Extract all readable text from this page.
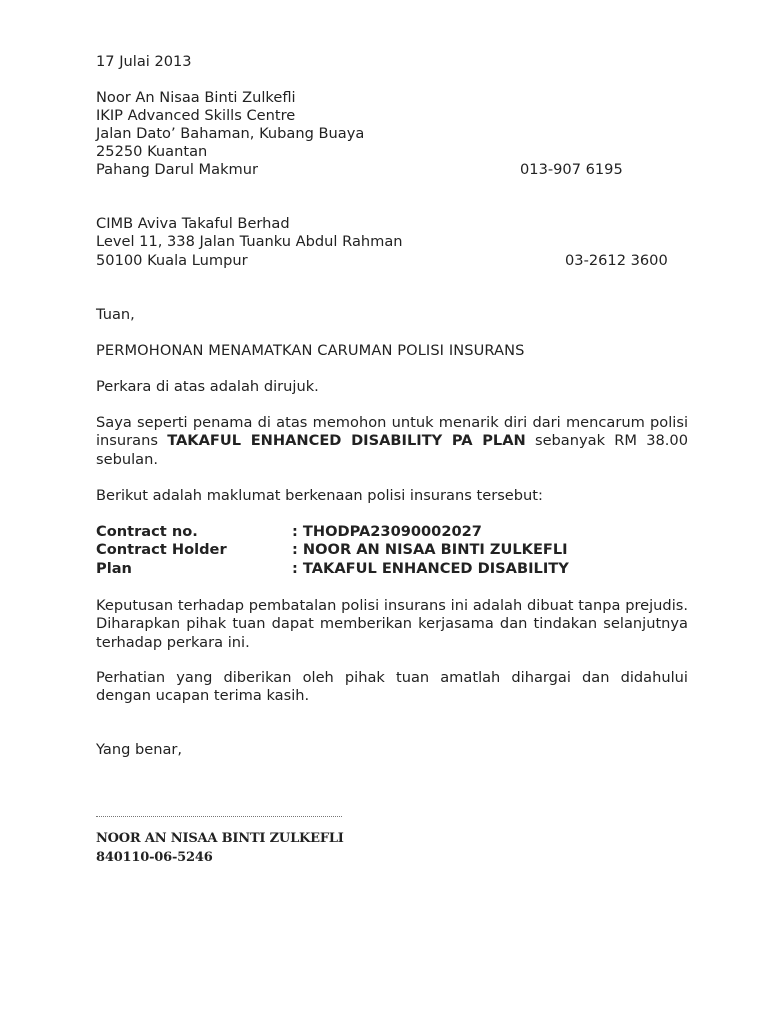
17 Julai 2013
Noor An Nisaa Binti Zulkefli
IKIP Advanced Skills Centre
Jalan Dato’ Bahaman, Kubang Buaya
25250 Kuantan
Pahang Darul Makmur	013-907 6195
CIMB Aviva Takaful Berhad
Level 11, 338 Jalan Tuanku Abdul Rahman
50100 Kuala Lumpur	03-2612 3600
Tuan,
PERMOHONAN MENAMATKAN CARUMAN POLISI INSURANS
Perkara di atas adalah dirujuk.
Saya seperti penama di atas memohon untuk menarik diri dari mencarum polisi insurans TAKAFUL ENHANCED DISABILITY PA PLAN sebanyak RM 38.00 sebulan.
Berikut adalah maklumat berkenaan polisi insurans tersebut:
Contract no.	: THODPA23090002027
Contract Holder	: NOOR AN NISAA BINTI ZULKEFLI
Plan	: TAKAFUL ENHANCED DISABILITY
Keputusan terhadap pembatalan polisi insurans ini adalah dibuat tanpa prejudis. Diharapkan pihak tuan dapat memberikan kerjasama dan tindakan selanjutnya terhadap perkara ini.
Perhatian yang diberikan oleh pihak tuan amatlah dihargai dan didahului dengan ucapan terima kasih.
Yang benar,
NOOR AN NISAA BINTI ZULKEFLI
840110-06-5246
